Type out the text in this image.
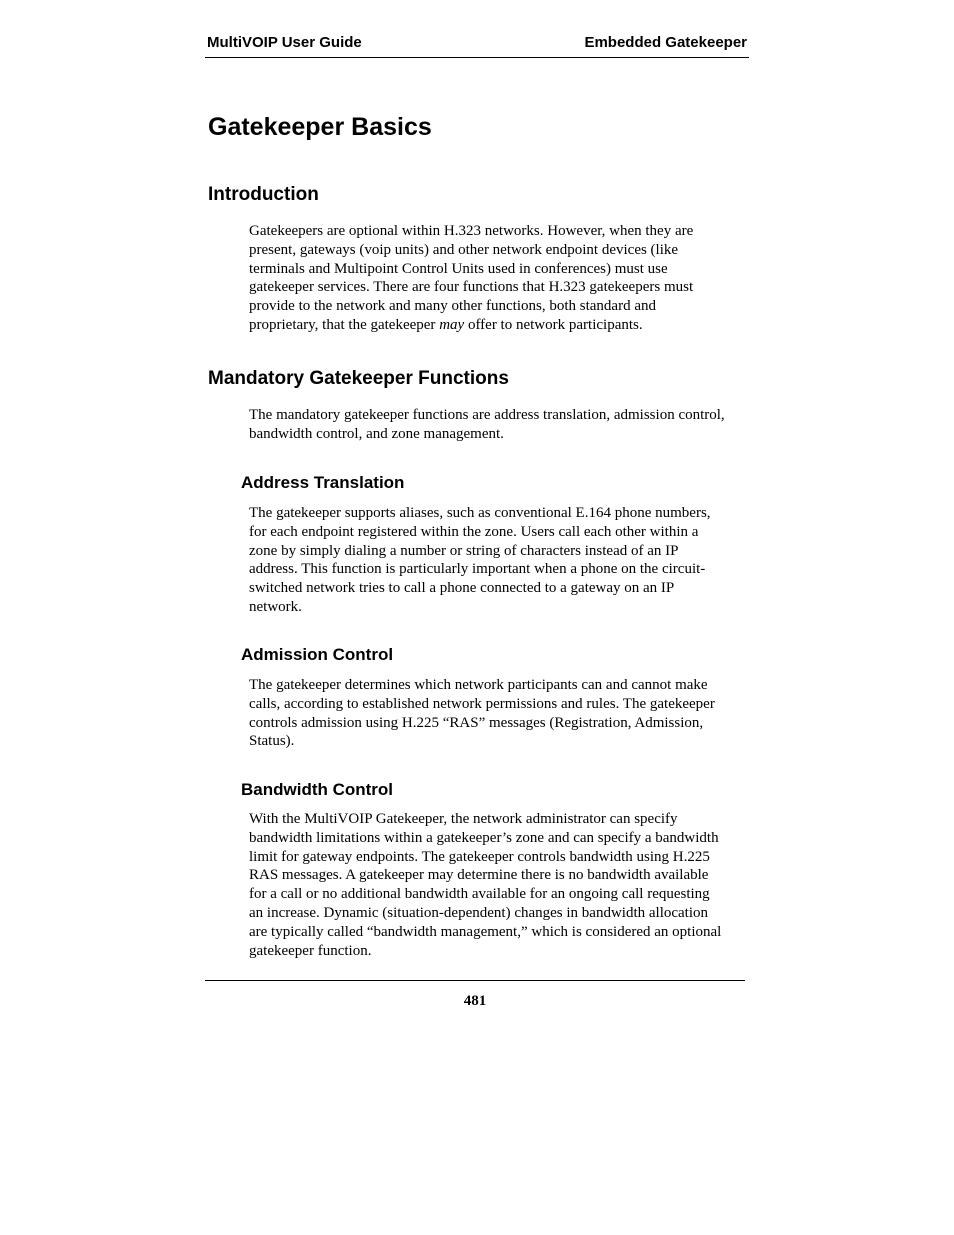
MultiVOIP User Guide	Embedded Gatekeeper
Gatekeeper Basics
Introduction
Gatekeepers are optional within H.323 networks. However, when they are
present, gateways (voip units) and other network endpoint devices (like
terminals and Multipoint Control Units used in conferences) must use
gatekeeper services. There are four functions that H.323 gatekeepers must
provide to the network and many other functions, both standard and
proprietary, that the gatekeeper may offer to network participants.
Mandatory Gatekeeper Functions
The mandatory gatekeeper functions are address translation, admission control,
bandwidth control, and zone management.
Address Translation
The gatekeeper supports aliases, such as conventional E.164 phone numbers,
for each endpoint registered within the zone. Users call each other within a
zone by simply dialing a number or string of characters instead of an IP
address. This function is particularly important when a phone on the circuit-
switched network tries to call a phone connected to a gateway on an IP
network.
Admission Control
The gatekeeper determines which network participants can and cannot make
calls, according to established network permissions and rules. The gatekeeper
controls admission using H.225 “RAS” messages (Registration, Admission,
Status).
Bandwidth Control
With the MultiVOIP Gatekeeper, the network administrator can specify
bandwidth limitations within a gatekeeper’s zone and can specify a bandwidth
limit for gateway endpoints. The gatekeeper controls bandwidth using H.225
RAS messages. A gatekeeper may determine there is no bandwidth available
for a call or no additional bandwidth available for an ongoing call requesting
an increase. Dynamic (situation-dependent) changes in bandwidth allocation
are typically called “bandwidth management,” which is considered an optional
gatekeeper function.
481
